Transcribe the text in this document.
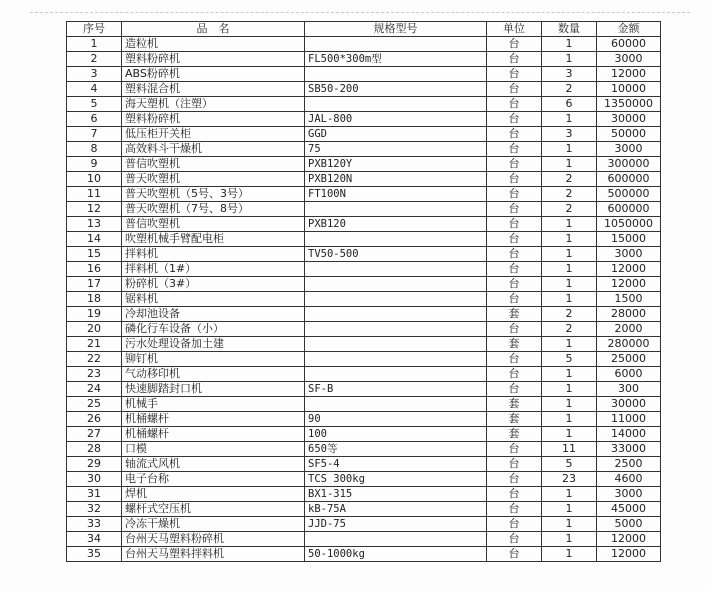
序号	品　名	规格型号	单位	数量	金额
1	造粒机		台	1	60000
2	塑料粉碎机	FL500*300m型	台	1	3000
3	ABS粉碎机		台	3	12000
4	塑料混合机	SB50-200	台	2	10000
5	海天塑机（注塑）		台	6	1350000
6	塑料粉碎机	JAL-800	台	1	30000
7	低压柜开关柜	GGD	台	3	50000
8	高效料斗干燥机	75	台	1	3000
9	普信吹塑机	PXB120Y	台	1	300000
10	普天吹塑机	PXB120N	台	2	600000
11	普天吹塑机（5号、3号）	FT100N	台	2	500000
12	普天吹塑机（7号、8号）		台	2	600000
13	普信吹塑机	PXB120	台	1	1050000
14	吹塑机械手臂配电柜		台	1	15000
15	拌料机	TV50-500	台	1	3000
16	拌料机（1#）		台	1	12000
17	粉碎机（3#）		台	1	12000
18	锯料机		台	1	1500
19	冷却池设备		套	2	28000
20	磷化行车设备（小）		台	2	2000
21	污水处理设备加土建		套	1	280000
22	铆钉机		台	5	25000
23	气动移印机		台	1	6000
24	快速脚踏封口机	SF-B	台	1	300
25	机械手		套	1	30000
26	机桶螺杆	90	套	1	11000
27	机桶螺杆	100	套	1	14000
28	口模	650等	台	11	33000
29	轴流式风机	SF5-4	台	5	2500
30	电子台称	TCS 300kg	台	23	4600
31	焊机	BX1-315	台	1	3000
32	螺杆式空压机	kB-75A	台	1	45000
33	冷冻干燥机	JJD-75	台	1	5000
34	台州天马塑料粉碎机		台	1	12000
35	台州天马塑料拌料机	50-1000kg	台	1	12000
